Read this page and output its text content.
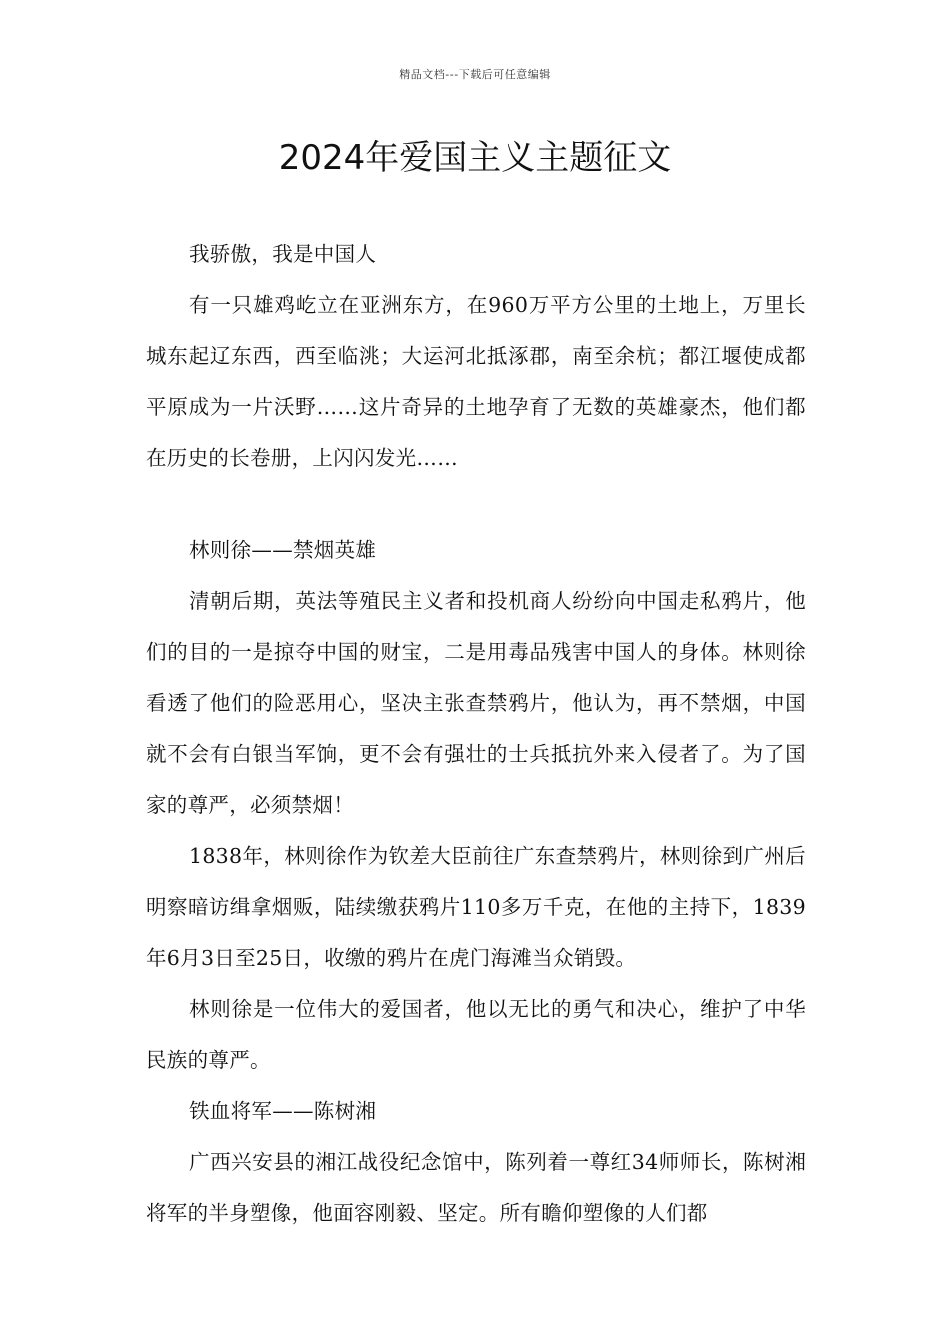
精品文档---下载后可任意编辑
2024年爱国主义主题征文

我骄傲，我是中国人

有一只雄鸡屹立在亚洲东方，在960万平方公里的土地上，万里长城东起辽东西，西至临洮；大运河北抵涿郡，南至余杭；都江堰使成都平原成为一片沃野……这片奇异的土地孕育了无数的英雄豪杰，他们都在历史的长卷册，上闪闪发光……

林则徐——禁烟英雄

清朝后期，英法等殖民主义者和投机商人纷纷向中国走私鸦片，他们的目的一是掠夺中国的财宝，二是用毒品残害中国人的身体。林则徐看透了他们的险恶用心，坚决主张查禁鸦片，他认为，再不禁烟，中国就不会有白银当军饷，更不会有强壮的士兵抵抗外来入侵者了。为了国家的尊严，必须禁烟！

1838年，林则徐作为钦差大臣前往广东查禁鸦片，林则徐到广州后明察暗访缉拿烟贩，陆续缴获鸦片110多万千克，在他的主持下，1839年6月3日至25日，收缴的鸦片在虎门海滩当众销毁。

林则徐是一位伟大的爱国者，他以无比的勇气和决心，维护了中华民族的尊严。

铁血将军——陈树湘

广西兴安县的湘江战役纪念馆中，陈列着一尊红34师师长，陈树湘将军的半身塑像，他面容刚毅、坚定。所有瞻仰塑像的人们都
